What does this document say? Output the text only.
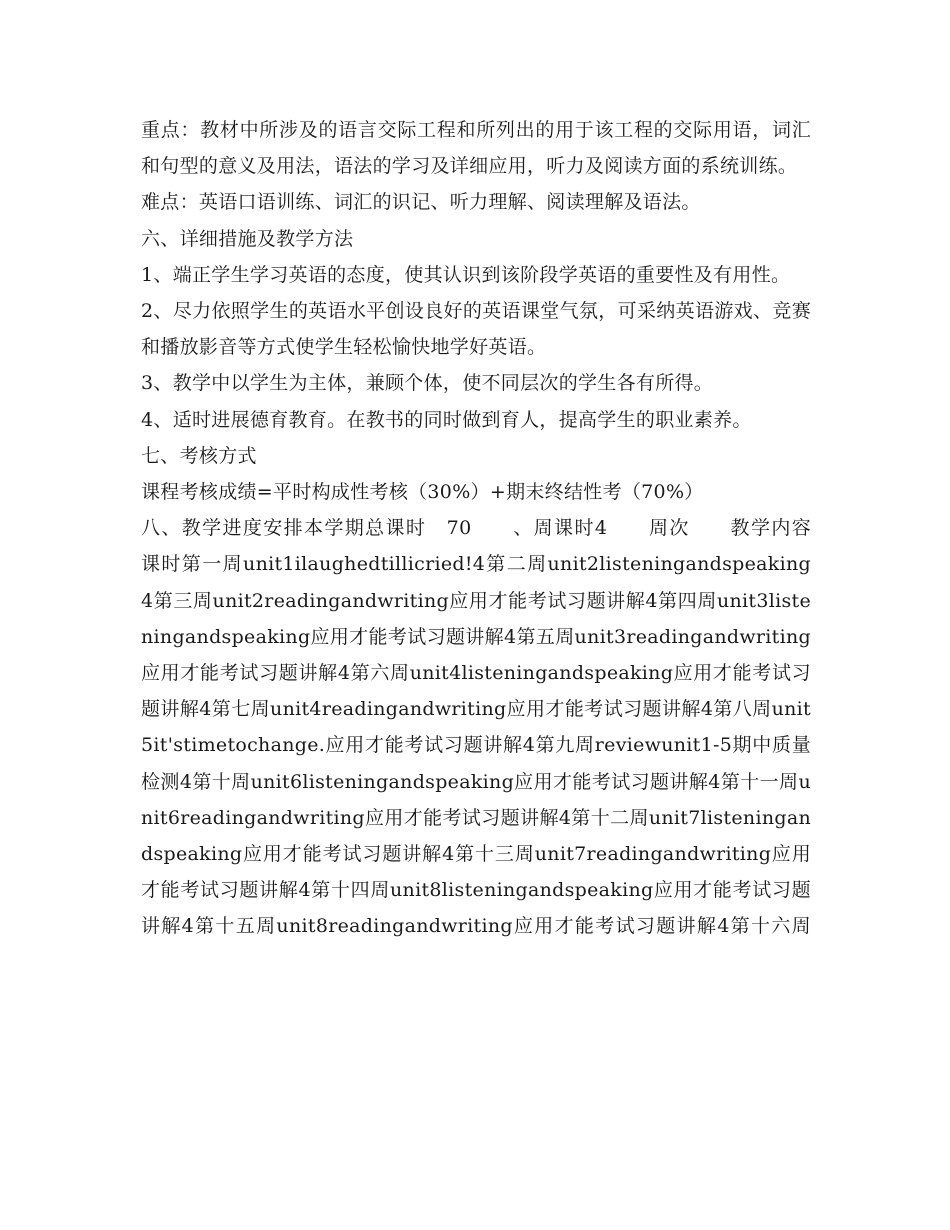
重点：教材中所涉及的语言交际工程和所列出的用于该工程的交际用语，词汇和句型的意义及用法，语法的学习及详细应用，听力及阅读方面的系统训练。

难点：英语口语训练、词汇的识记、听力理解、阅读理解及语法。

六、详细措施及教学方法

1、端正学生学习英语的态度，使其认识到该阶段学英语的重要性及有用性。

2、尽力依照学生的英语水平创设良好的英语课堂气氛，可采纳英语游戏、竞赛和播放影音等方式使学生轻松愉快地学好英语。

3、教学中以学生为主体，兼顾个体，使不同层次的学生各有所得。

4、适时进展德育教育。在教书的同时做到育人，提高学生的职业素养。

七、考核方式

课程考核成绩=平时构成性考核（30%）+期末终结性考（70%）

八、教学进度安排本学期总课时　70　　、周课时4　　周次　　教学内容　　　课时第一周unit1ilaughedtillicried!4第二周unit2listeningandspeaking4第三周unit2readingandwriting应用才能考试习题讲解4第四周unit3listeningandspeaking应用才能考试习题讲解4第五周unit3readingandwriting应用才能考试习题讲解4第六周unit4listeningandspeaking应用才能考试习题讲解4第七周unit4readingandwriting应用才能考试习题讲解4第八周unit5it'stimetochange.应用才能考试习题讲解4第九周reviewunit1-5期中质量检测4第十周unit6listeningandspeaking应用才能考试习题讲解4第十一周unit6readingandwriting应用才能考试习题讲解4第十二周unit7listeningandspeaking应用才能考试习题讲解4第十三周unit7readingandwriting应用才能考试习题讲解4第十四周unit8listeningandspeaking应用才能考试习题讲解4第十五周unit8readingandwriting应用才能考试习题讲解4第十六周
